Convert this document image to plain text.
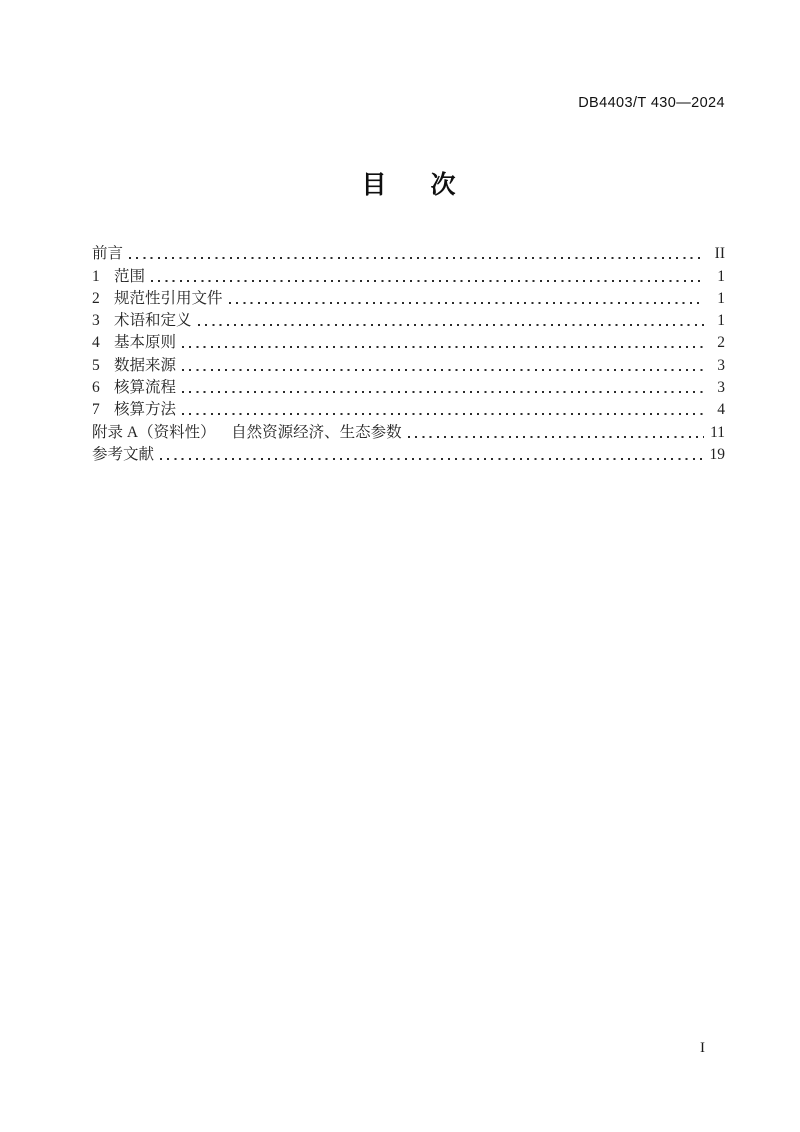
DB4403/T 430—2024
目 次
前言	II
1 范围	1
2 规范性引用文件	1
3 术语和定义	1
4 基本原则	2
5 数据来源	3
6 核算流程	3
7 核算方法	4
附录 A（资料性）    自然资源经济、生态参数	11
参考文献	19
I
